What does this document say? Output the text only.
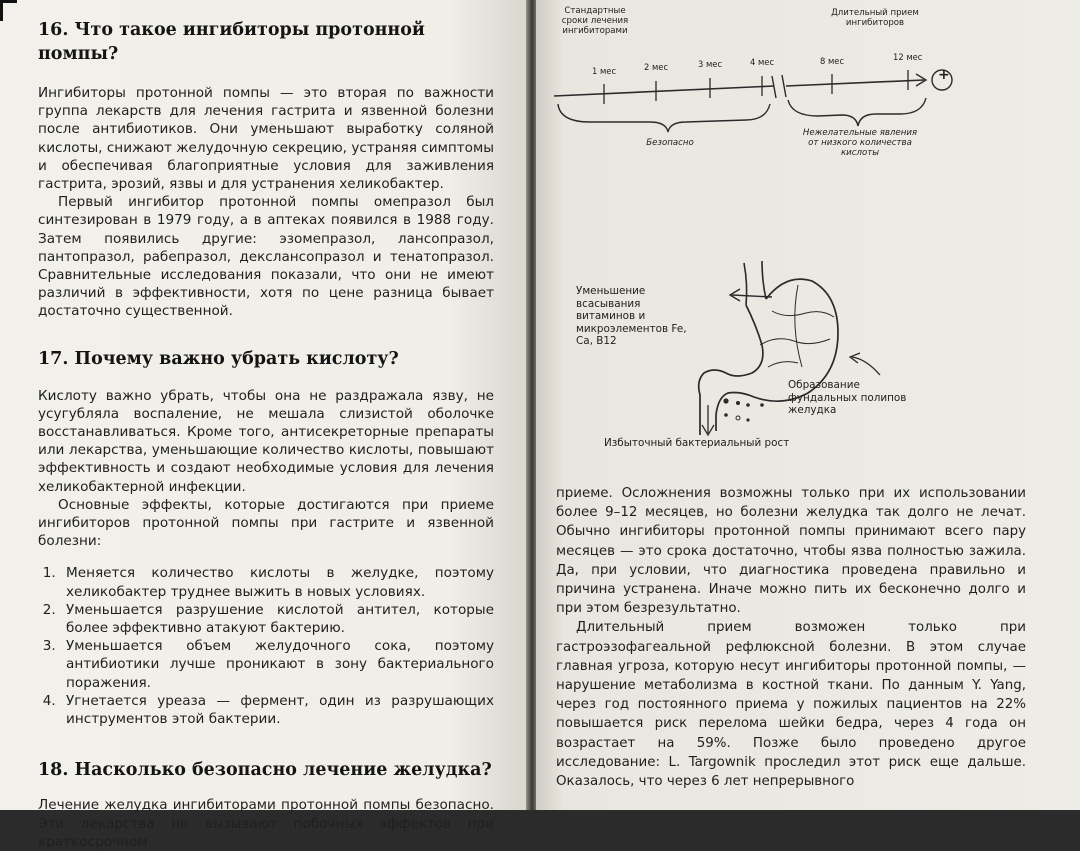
16. Что такое ингибиторы протонной помпы?

Ингибиторы протонной помпы — это вторая по важности группа лекарств для лечения гастрита и язвенной болезни после антибиотиков. Они уменьшают выработку соляной кислоты, снижают желудочную секрецию, устраняя симптомы и обеспечивая благоприятные условия для заживления гастрита, эрозий, язвы и для устранения хеликобактер.

Первый ингибитор протонной помпы омепразол был синтезирован в 1979 году, а в аптеках появился в 1988 году. Затем появились другие: эзомепразол, лансопразол, пантопразол, рабепразол, декслансопразол и тенатопразол. Сравнительные исследования показали, что они не имеют различий в эффективности, хотя по цене разница бывает достаточно существенной.

17. Почему важно убрать кислоту?

Кислоту важно убрать, чтобы она не раздражала язву, не усугубляла воспаление, не мешала слизистой оболочке восстанавливаться. Кроме того, антисекреторные препараты или лекарства, уменьшающие количество кислоты, повышают эффективность и создают необходимые условия для лечения хеликобактерной инфекции.

Основные эффекты, которые достигаются при приеме ингибиторов протонной помпы при гастрите и язвенной болезни:

1. Меняется количество кислоты в желудке, поэтому хеликобактер труднее выжить в новых условиях.
2. Уменьшается разрушение кислотой антител, которые более эффективно атакуют бактерию.
3. Уменьшается объем желудочного сока, поэтому антибиотики лучше проникают в зону бактериального поражения.
4. Угнетается уреаза — фермент, один из разрушающих инструментов этой бактерии.
18. Насколько безопасно лечение желудка?

Лечение желудка ингибиторами протонной помпы безопасно. Эти лекарства не вызывают побочных эффектов при краткосрочном

Стандартные сроки лечения ингибиторами
Длительный прием ингибиторов
+
1 мес	2 мес	3 мес	4 мес	8 мес	12 мес
Безопасно
Нежелательные явления от низкого количества кислоты
Уменьшение всасывания витаминов и микроэлементов Fe, Ca, B12
Образование фундальных полипов желудка
Избыточный бактериальный рост

приеме. Осложнения возможны только при их использовании более 9–12 месяцев, но болезни желудка так долго не лечат. Обычно ингибиторы протонной помпы принимают всего пару месяцев — это срока достаточно, чтобы язва полностью зажила. Да, при условии, что диагностика проведена правильно и причина устранена. Иначе можно пить их бесконечно долго и при этом безрезультатно.

Длительный прием возможен только при гастроэзофагеальной рефлюксной болезни. В этом случае главная угроза, которую несут ингибиторы протонной помпы, — нарушение метаболизма в костной ткани. По данным Y. Yang, через год постоянного приема у пожилых пациентов на 22% повышается риск перелома шейки бедра, через 4 года он возрастает на 59%. Позже было проведено другое исследование: L. Targownik проследил этот риск еще дальше. Оказалось, что через 6 лет непрерывного
